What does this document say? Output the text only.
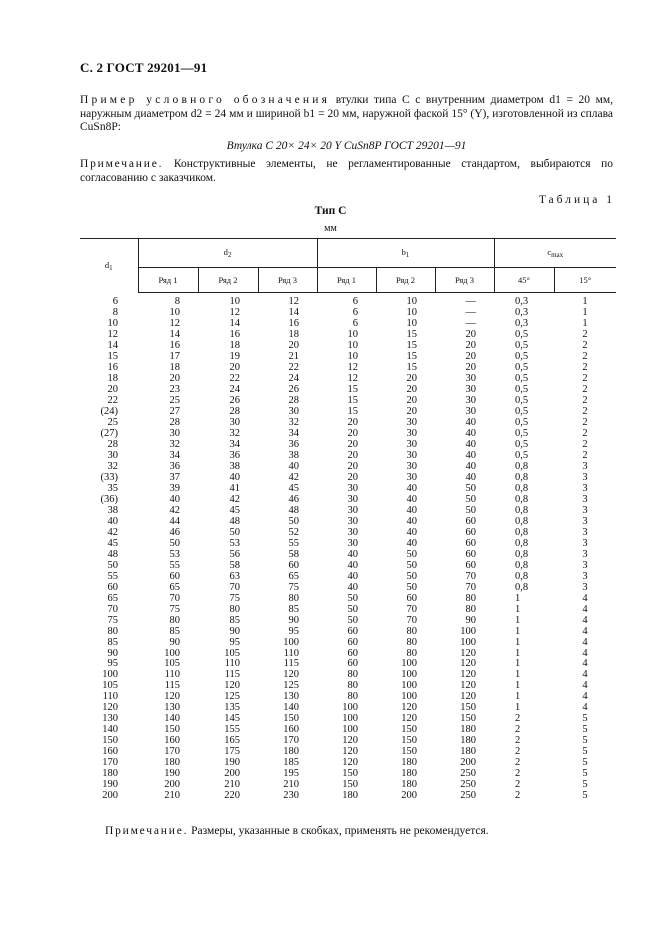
С. 2 ГОСТ 29201—91
Пример условного обозначения втулки типа С с внутренним диаметром d1 = 20 мм, наружным диаметром d2 = 24 мм и шириной b1 = 20 мм, наружной фаской 15° (Y), изготовленной из сплава CuSn8P:
Втулка С 20× 24× 20 Y CuSn8P ГОСТ 29201—91
Примечание. Конструктивные элементы, не регламентированные стандартом, выбираются по согласованию с заказчиком.
Таблица 1
Тип С
мм
$d_1$	$d_2$			$b_1$			$c_{max}$
	Ряд 1	Ряд 2	Ряд 3	Ряд 1	Ряд 2	Ряд 3	45°	15°
6	8	10	12	6	10	—	0,3	1
8	10	12	14	6	10	—	0,3	1
10	12	14	16	6	10	—	0,3	1
12	14	16	18	10	15	20	0,5	2
14	16	18	20	10	15	20	0,5	2
15	17	19	21	10	15	20	0,5	2
16	18	20	22	12	15	20	0,5	2
18	20	22	24	12	20	30	0,5	2
20	23	24	26	15	20	30	0,5	2
22	25	26	28	15	20	30	0,5	2
(24)	27	28	30	15	20	30	0,5	2
25	28	30	32	20	30	40	0,5	2
(27)	30	32	34	20	30	40	0,5	2
28	32	34	36	20	30	40	0,5	2
30	34	36	38	20	30	40	0,5	2
32	36	38	40	20	30	40	0,8	3
(33)	37	40	42	20	30	40	0,8	3
35	39	41	45	30	40	50	0,8	3
(36)	40	42	46	30	40	50	0,8	3
38	42	45	48	30	40	50	0,8	3
40	44	48	50	30	40	60	0,8	3
42	46	50	52	30	40	60	0,8	3
45	50	53	55	30	40	60	0,8	3
48	53	56	58	40	50	60	0,8	3
50	55	58	60	40	50	60	0,8	3
55	60	63	65	40	50	70	0,8	3
60	65	70	75	40	50	70	0,8	3
65	70	75	80	50	60	80	1	4
70	75	80	85	50	70	80	1	4
75	80	85	90	50	70	90	1	4
80	85	90	95	60	80	100	1	4
85	90	95	100	60	80	100	1	4
90	100	105	110	60	80	120	1	4
95	105	110	115	60	100	120	1	4
100	110	115	120	80	100	120	1	4
105	115	120	125	80	100	120	1	4
110	120	125	130	80	100	120	1	4
120	130	135	140	100	120	150	1	4
130	140	145	150	100	120	150	2	5
140	150	155	160	100	150	180	2	5
150	160	165	170	120	150	180	2	5
160	170	175	180	120	150	180	2	5
170	180	190	185	120	180	200	2	5
180	190	200	195	150	180	250	2	5
190	200	210	210	150	180	250	2	5
200	210	220	230	180	200	250	2	5
Примечание. Размеры, указанные в скобках, применять не рекомендуется.
